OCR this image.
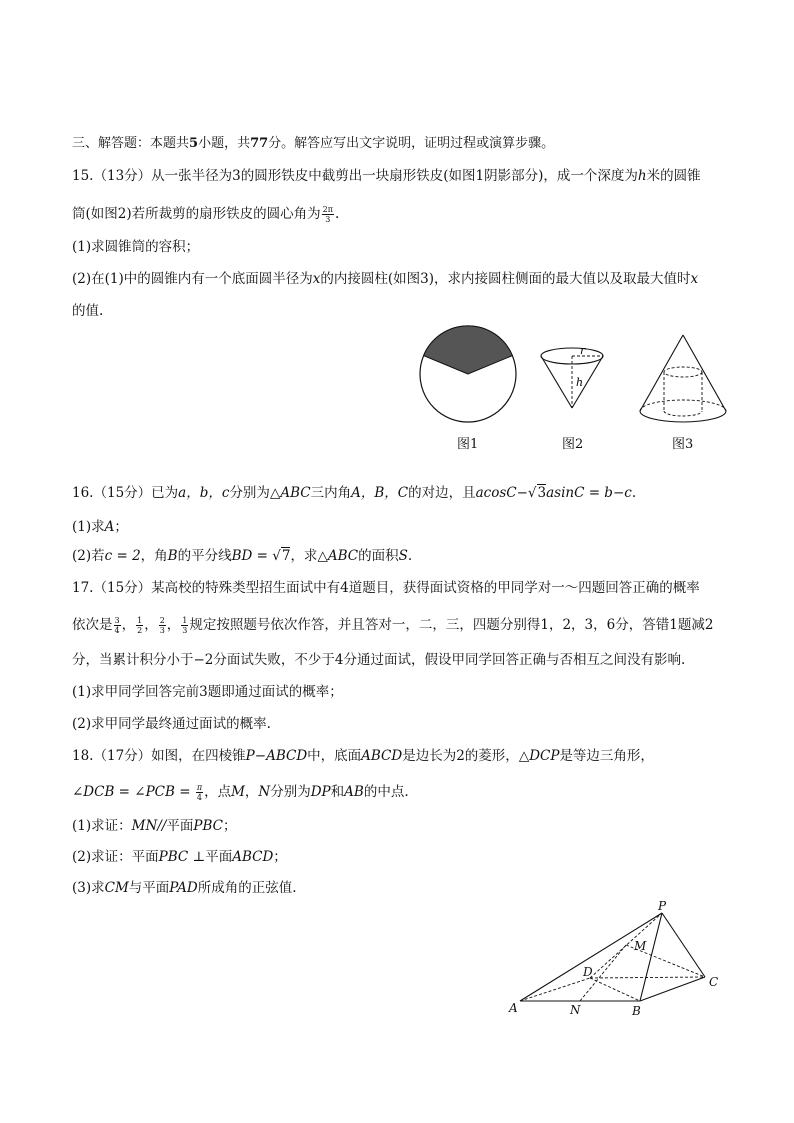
三、解答题：本题共5小题，共77分。解答应写出文字说明，证明过程或演算步骤。
15.（13分）从一张半径为3的圆形铁皮中截剪出一块扇形铁皮(如图1阴影部分)，成一个深度为h米的圆锥
筒(如图2)若所裁剪的扇形铁皮的圆心角为 $\frac{2\pi}{3}$ .
(1)求圆锥筒的容积；
(2)在(1)中的圆锥内有一个底面圆半径为x的内接圆柱(如图3)，求内接圆柱侧面的最大值以及取最大值时x
的值.
图1
r
h
图2	图3
16.（15分）已为a，b，c分别为△ABC三内角A，B，C的对边，且acosC−√3asinC = b−c.
(1)求A；
(2)若c = 2，角B的平分线BD = √7，求△ABC的面积S.
17.（15分）某高校的特殊类型招生面试中有4道题目，获得面试资格的甲同学对一～四题回答正确的概率
依次是 $\frac{3}{4}$ ， $\frac{1}{2}$ ， $\frac{2}{3}$ ， $\frac{1}{3}$ 规定按照题号依次作答，并且答对一，二，三，四题分别得1，2，3，6分，答错1题减2
分，当累计积分小于−2分面试失败，不少于4分通过面试，假设甲同学回答正确与否相互之间没有影响.
(1)求甲同学回答完前3题即通过面试的概率；
(2)求甲同学最终通过面试的概率.
18.（17分）如图，在四棱锥P−ABCD中，底面ABCD是边长为2的菱形，△DCP是等边三角形，
∠DCB = ∠PCB = $\frac{\pi}{4}$ ，点M，N分别为DP和AB的中点.
(1)求证：MN//平面PBC；
(2)求证：平面PBC ⊥平面ABCD；
(3)求CM与平面PAD所成角的正弦值.
P
M
D
C
A	N	B
